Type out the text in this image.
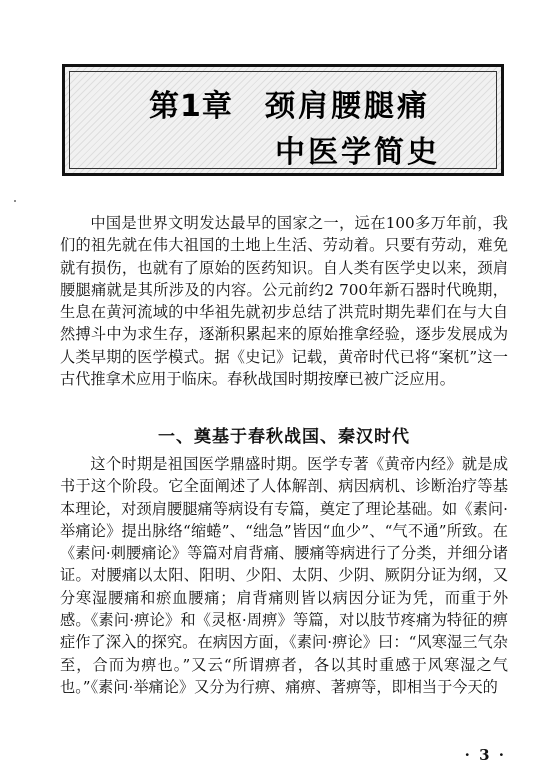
第1章 颈肩腰腿痛
中医学简史

中国是世界文明发达最早的国家之一，远在100多万年前，我们的祖先就在伟大祖国的土地上生活、劳动着。只要有劳动，难免就有损伤，也就有了原始的医药知识。自人类有医学史以来，颈肩腰腿痛就是其所涉及的内容。公元前约2 700年新石器时代晚期，生息在黄河流域的中华祖先就初步总结了洪荒时期先辈们在与大自然搏斗中为求生存，逐渐积累起来的原始推拿经验，逐步发展成为人类早期的医学模式。据《史记》记载，黄帝时代已将“案杌”这一古代推拿术应用于临床。春秋战国时期按摩已被广泛应用。

一、奠基于春秋战国、秦汉时代

这个时期是祖国医学鼎盛时期。医学专著《黄帝内经》就是成书于这个阶段。它全面阐述了人体解剖、病因病机、诊断治疗等基本理论，对颈肩腰腿痛等病设有专篇，奠定了理论基础。如《素问·举痛论》提出脉络“缩蜷”、“绌急”皆因“血少”、“气不通”所致。在《素问·刺腰痛论》等篇对肩背痛、腰痛等病进行了分类，并细分诸证。对腰痛以太阳、阳明、少阳、太阴、少阴、厥阴分证为纲，又分寒湿腰痛和瘀血腰痛；肩背痛则皆以病因分证为凭，而重于外感。《素问·痹论》和《灵枢·周痹》等篇，对以肢节疼痛为特征的痹症作了深入的探究。在病因方面，《素问·痹论》曰：“风寒湿三气杂至，合而为痹也。”又云“所谓痹者，各以其时重感于风寒湿之气也。”《素问·举痛论》又分为行痹、痛痹、著痹等，即相当于今天的

· 3 ·
